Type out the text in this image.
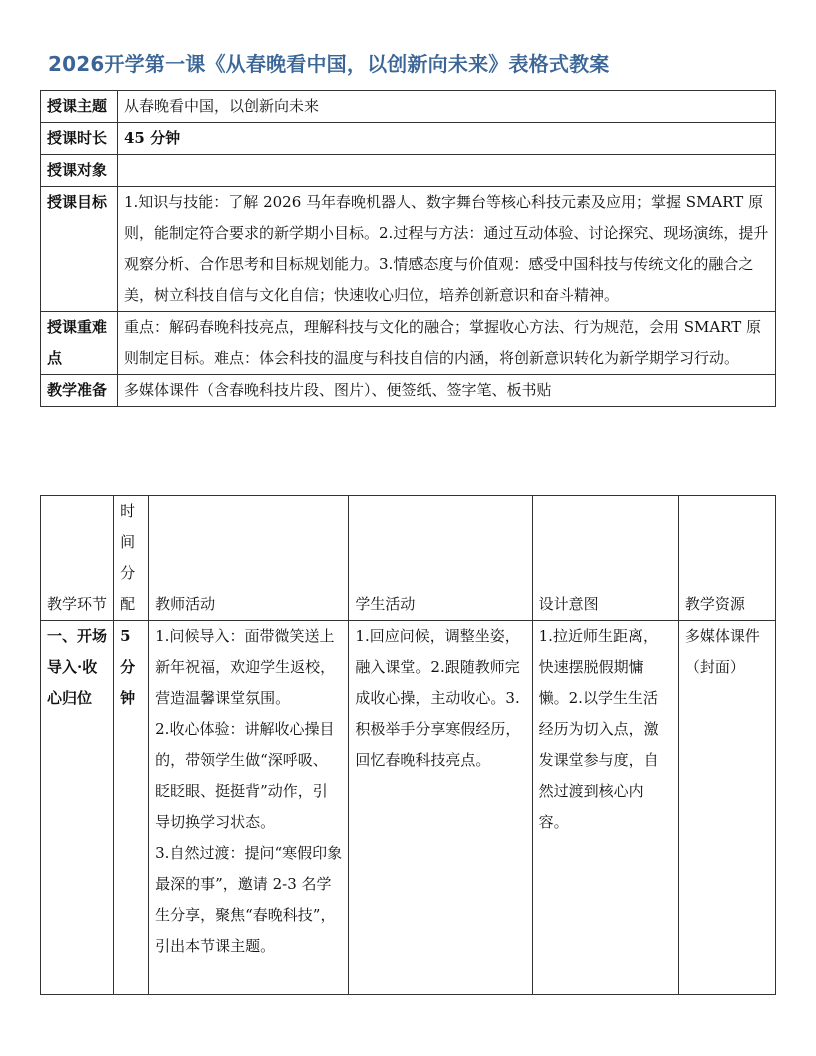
2026开学第一课《从春晚看中国，以创新向未来》表格式教案
授课主题	从春晚看中国，以创新向未来
授课时长	45 分钟
授课对象	
授课目标	1.知识与技能：了解 2026 马年春晚机器人、数字舞台等核心科技元素及应用；掌握 SMART 原则，能制定符合要求的新学期小目标。2.过程与方法：通过互动体验、讨论探究、现场演练，提升观察分析、合作思考和目标规划能力。3.情感态度与价值观：感受中国科技与传统文化的融合之美，树立科技自信与文化自信；快速收心归位，培养创新意识和奋斗精神。
授课重难点	重点：解码春晚科技亮点，理解科技与文化的融合；掌握收心方法、行为规范，会用 SMART 原则制定目标。难点：体会科技的温度与科技自信的内涵，将创新意识转化为新学期学习行动。
教学准备	多媒体课件（含春晚科技片段、图片）、便签纸、签字笔、板书贴
教学环节	时间分配	教师活动	学生活动	设计意图	教学资源
一、开场导入·收心归位	5 分钟	1.问候导入：面带微笑送上新年祝福，欢迎学生返校，营造温馨课堂氛围。
2.收心体验：讲解收心操目的，带领学生做“深呼吸、眨眨眼、挺挺背”动作，引导切换学习状态。
3.自然过渡：提问“寒假印象最深的事”，邀请 2-3 名学生分享，聚焦“春晚科技”，引出本节课主题。	1.回应问候，调整坐姿，融入课堂。2.跟随教师完成收心操，主动收心。3.积极举手分享寒假经历，回忆春晚科技亮点。	1.拉近师生距离，快速摆脱假期慵懒。2.以学生生活经历为切入点，激发课堂参与度，自然过渡到核心内容。	多媒体课件（封面）
